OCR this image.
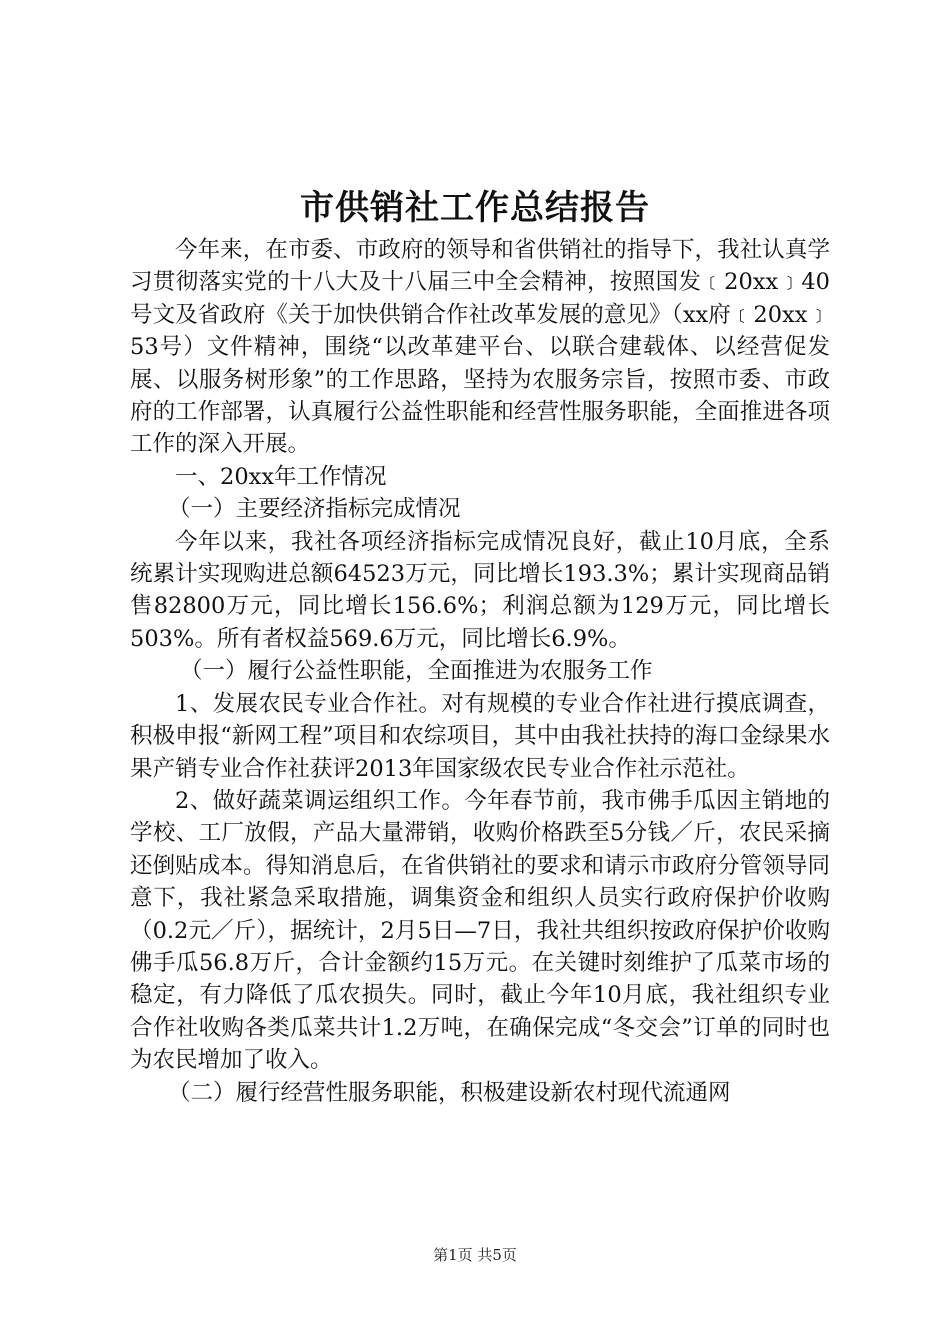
市供销社工作总结报告

今年来，在市委、市政府的领导和省供销社的指导下，我社认真学习贯彻落实党的十八大及十八届三中全会精神，按照国发﹝20xx﹞40号文及省政府《关于加快供销合作社改革发展的意见》（xx府﹝20xx﹞53号）文件精神，围绕“以改革建平台、以联合建载体、以经营促发展、以服务树形象”的工作思路，坚持为农服务宗旨，按照市委、市政府的工作部署，认真履行公益性职能和经营性服务职能，全面推进各项工作的深入开展。

一、20xx年工作情况

（一）主要经济指标完成情况

今年以来，我社各项经济指标完成情况良好，截止10月底，全系统累计实现购进总额64523万元，同比增长193.3%；累计实现商品销售82800万元，同比增长156.6%；利润总额为129万元，同比增长503%。所有者权益569.6万元，同比增长6.9%。

（一）履行公益性职能，全面推进为农服务工作

1、发展农民专业合作社。对有规模的专业合作社进行摸底调查，积极申报“新网工程”项目和农综项目，其中由我社扶持的海口金绿果水果产销专业合作社获评2013年国家级农民专业合作社示范社。

2、做好蔬菜调运组织工作。今年春节前，我市佛手瓜因主销地的学校、工厂放假，产品大量滞销，收购价格跌至5分钱／斤，农民采摘还倒贴成本。得知消息后，在省供销社的要求和请示市政府分管领导同意下，我社紧急采取措施，调集资金和组织人员实行政府保护价收购（0.2元／斤），据统计，2月5日—7日，我社共组织按政府保护价收购佛手瓜56.8万斤，合计金额约15万元。在关键时刻维护了瓜菜市场的稳定，有力降低了瓜农损失。同时，截止今年10月底，我社组织专业合作社收购各类瓜菜共计1.2万吨，在确保完成“冬交会”订单的同时也为农民增加了收入。

（二）履行经营性服务职能，积极建设新农村现代流通网

第1页 共5页
